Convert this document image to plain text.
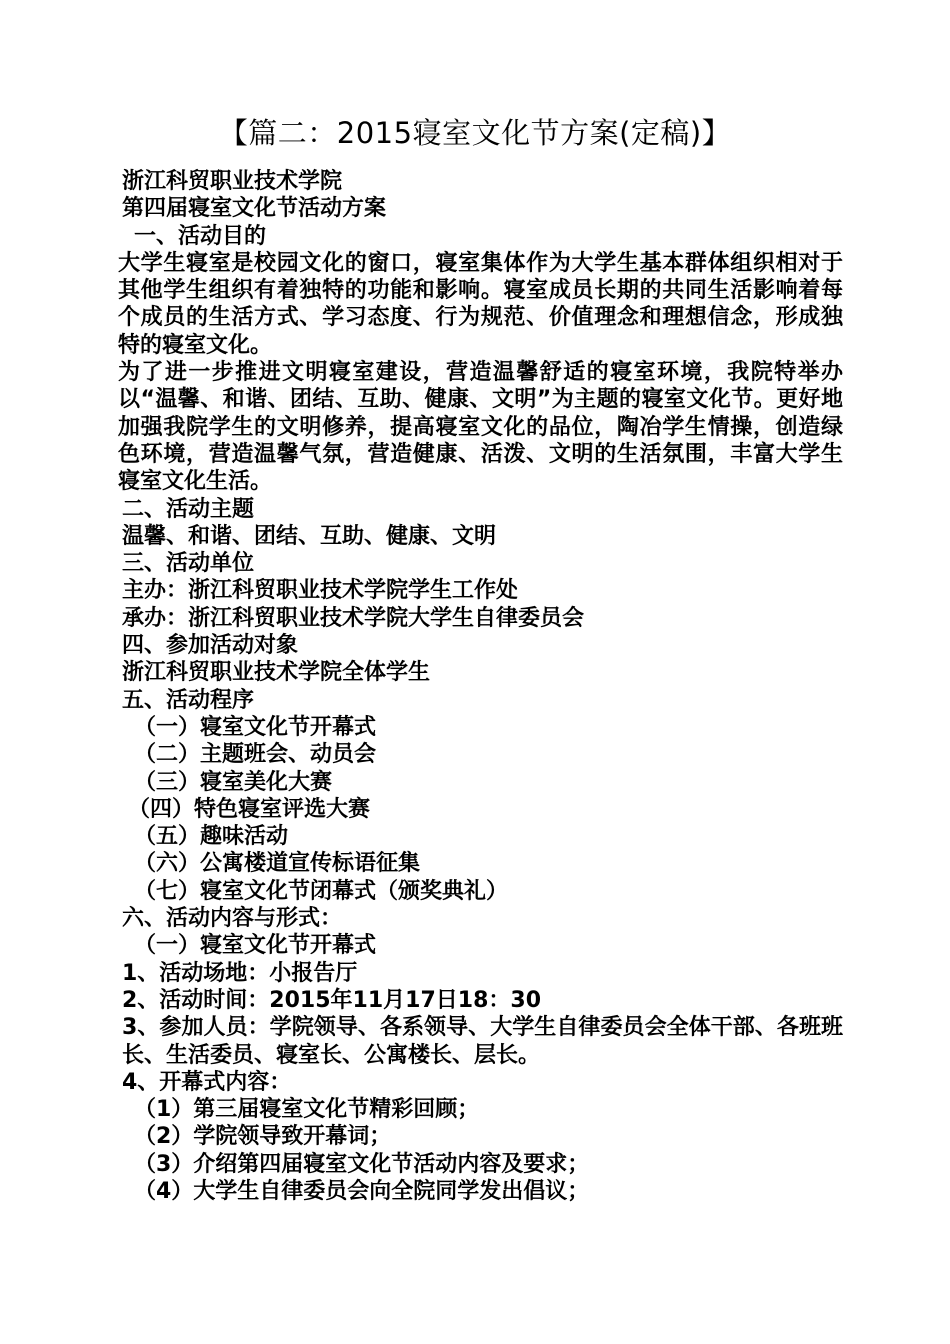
【篇二：2015寝室文化节方案(定稿)】
浙江科贸职业技术学院
第四届寝室文化节活动方案
一、活动目的
大学生寝室是校园文化的窗口，寝室集体作为大学生基本群体组织相对于其他学生组织有着独特的功能和影响。寝室成员长期的共同生活影响着每个成员的生活方式、学习态度、行为规范、价值理念和理想信念，形成独特的寝室文化。
为了进一步推进文明寝室建设，营造温馨舒适的寝室环境，我院特举办以“温馨、和谐、团结、互助、健康、文明”为主题的寝室文化节。更好地加强我院学生的文明修养，提高寝室文化的品位，陶冶学生情操，创造绿色环境，营造温馨气氛，营造健康、活泼、文明的生活氛围，丰富大学生寝室文化生活。
二、活动主题
温馨、和谐、团结、互助、健康、文明
三、活动单位
主办：浙江科贸职业技术学院学生工作处
承办：浙江科贸职业技术学院大学生自律委员会
四、参加活动对象
浙江科贸职业技术学院全体学生
五、活动程序
（一）寝室文化节开幕式
（二）主题班会、动员会
（三）寝室美化大赛
（四）特色寝室评选大赛
（五）趣味活动
（六）公寓楼道宣传标语征集
（七）寝室文化节闭幕式（颁奖典礼）
六、活动内容与形式：
（一）寝室文化节开幕式
1、活动场地：小报告厅
2、活动时间：2015年11月17日18：30
3、参加人员：学院领导、各系领导、大学生自律委员会全体干部、各班班长、生活委员、寝室长、公寓楼长、层长。
4、开幕式内容：
（1）第三届寝室文化节精彩回顾；
（2）学院领导致开幕词；
（3）介绍第四届寝室文化节活动内容及要求；
（4）大学生自律委员会向全院同学发出倡议；
